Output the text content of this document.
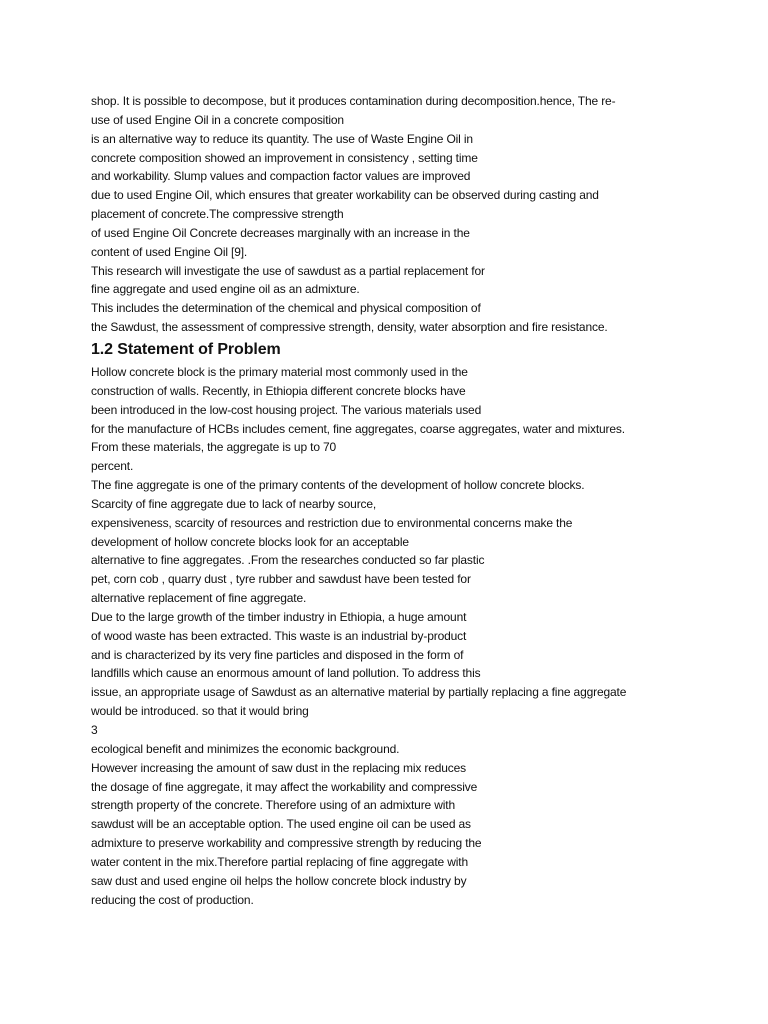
shop. It is possible to decompose, but it produces contamination during decomposition.hence, The re-
use of used Engine Oil in a concrete composition
is an alternative way to reduce its quantity. The use of Waste Engine Oil in
concrete composition showed an improvement in consistency , setting time
and workability. Slump values and compaction factor values are improved
due to used Engine Oil, which ensures that greater workability can be observed during casting and
placement of concrete.The compressive strength
of used Engine Oil Concrete decreases marginally with an increase in the
content of used Engine Oil [9].
This research will investigate the use of sawdust as a partial replacement for
fine aggregate and used engine oil as an admixture.
This includes the determination of the chemical and physical composition of
the Sawdust, the assessment of compressive strength, density, water absorption and fire resistance.
1.2 Statement of Problem
Hollow concrete block is the primary material most commonly used in the
construction of walls. Recently, in Ethiopia different concrete blocks have
been introduced in the low-cost housing project. The various materials used
for the manufacture of HCBs includes cement, fine aggregates, coarse aggregates, water and mixtures.
From these materials, the aggregate is up to 70
percent.
The fine aggregate is one of the primary contents of the development of hollow concrete blocks.
Scarcity of fine aggregate due to lack of nearby source,
expensiveness, scarcity of resources and restriction due to environmental concerns make the
development of hollow concrete blocks look for an acceptable
alternative to fine aggregates. .From the researches conducted so far plastic
pet, corn cob , quarry dust , tyre rubber and sawdust have been tested for
alternative replacement of fine aggregate.
Due to the large growth of the timber industry in Ethiopia, a huge amount
of wood waste has been extracted. This waste is an industrial by-product
and is characterized by its very fine particles and disposed in the form of
landfills which cause an enormous amount of land pollution. To address this
issue, an appropriate usage of Sawdust as an alternative material by partially replacing a fine aggregate
would be introduced. so that it would bring
3
ecological benefit and minimizes the economic background.
However increasing the amount of saw dust in the replacing mix reduces
the dosage of fine aggregate, it may affect the workability and compressive
strength property of the concrete. Therefore using of an admixture with
sawdust will be an acceptable option. The used engine oil can be used as
admixture to preserve workability and compressive strength by reducing the
water content in the mix.Therefore partial replacing of fine aggregate with
saw dust and used engine oil helps the hollow concrete block industry by
reducing the cost of production.
